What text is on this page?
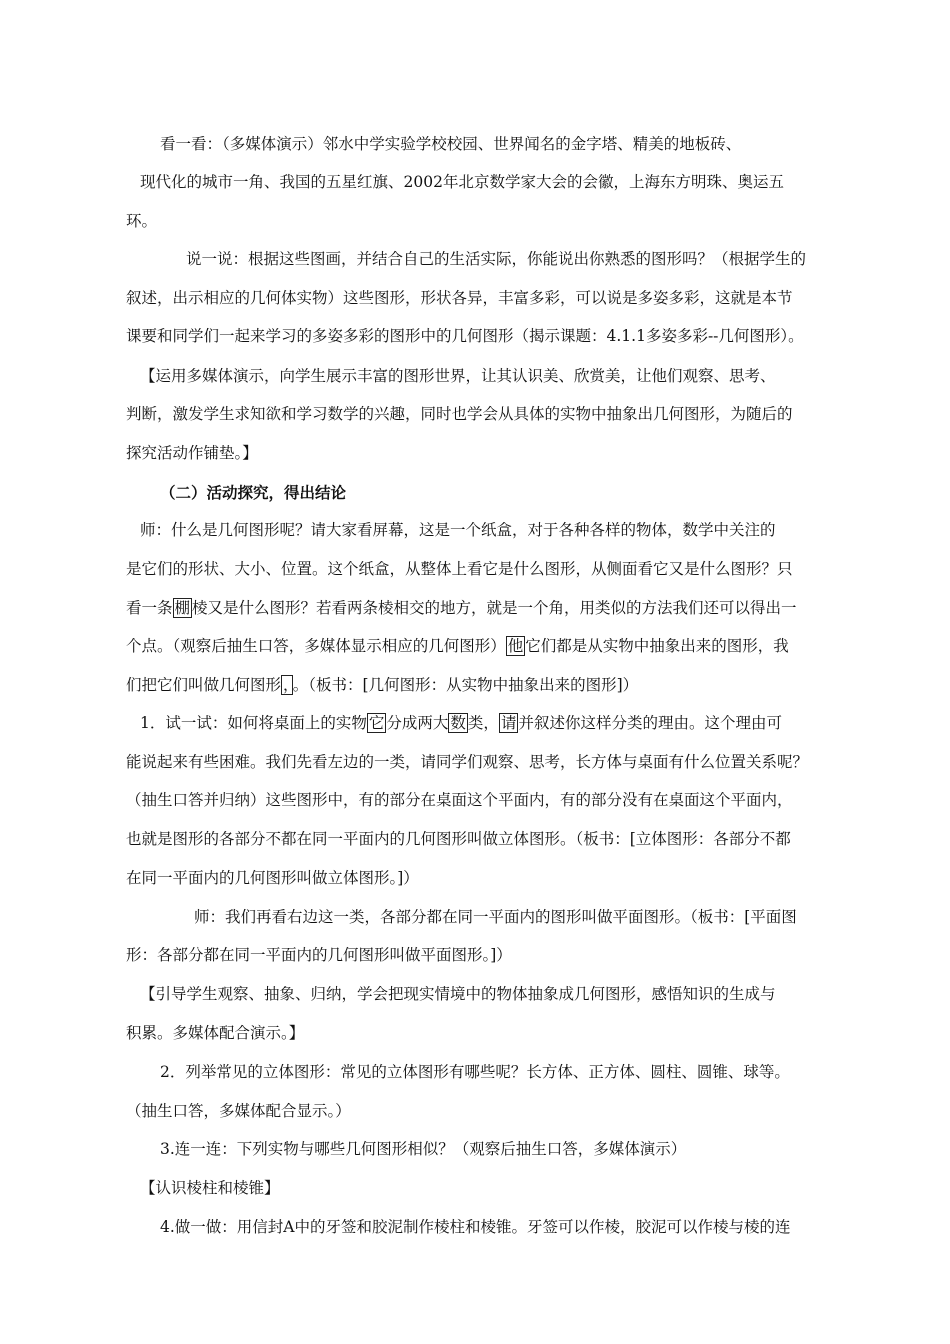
看一看：（多媒体演示）邻水中学实验学校校园、世界闻名的金字塔、精美的地板砖、
现代化的城市一角、我国的五星红旗、2002年北京数学家大会的会徽，上海东方明珠、奥运五
环。
说一说：根据这些图画，并结合自己的生活实际，你能说出你熟悉的图形吗？（根据学生的
叙述，出示相应的几何体实物）这些图形，形状各异，丰富多彩，可以说是多姿多彩，这就是本节
课要和同学们一起来学习的多姿多彩的图形中的几何图形（揭示课题：4.1.1多姿多彩--几何图形）。
【运用多媒体演示，向学生展示丰富的图形世界，让其认识美、欣赏美，让他们观察、思考、
判断，激发学生求知欲和学习数学的兴趣，同时也学会从具体的实物中抽象出几何图形，为随后的
探究活动作铺垫。】
（二）活动探究，得出结论
师：什么是几何图形呢？请大家看屏幕，这是一个纸盒，对于各种各样的物体，数学中关注的
是它们的形状、大小、位置。这个纸盒，从整体上看它是什么图形，从侧面看它又是什么图形？只
看一条 棚 棱又是什么图形？若看两条棱相交的地方，就是一个角，用类似的方法我们还可以得出一
个点。（观察后抽生口答，多媒体显示相应的几何图形） 他 它们都是从实物中抽象出来的图形，我
们把它们叫做几何图形 ， 。（板书：[几何图形：从实物中抽象出来的图形]）
1．试一试：如何将桌面上的实物 它 分成两大 数 类， 请 并叙述你这样分类的理由。这个理由可
能说起来有些困难。我们先看左边的一类，请同学们观察、思考，长方体与桌面有什么位置关系呢？
（抽生口答并归纳）这些图形中，有的部分在桌面这个平面内，有的部分没有在桌面这个平面内，
也就是图形的各部分不都在同一平面内的几何图形叫做立体图形。（板书：[立体图形：各部分不都
在同一平面内的几何图形叫做立体图形。]）
师：我们再看右边这一类，各部分都在同一平面内的图形叫做平面图形。（板书：[平面图
形：各部分都在同一平面内的几何图形叫做平面图形。]）
【引导学生观察、抽象、归纳，学会把现实情境中的物体抽象成几何图形，感悟知识的生成与
积累。多媒体配合演示。】
2．列举常见的立体图形：常见的立体图形有哪些呢？长方体、正方体、圆柱、圆锥、球等。
（抽生口答，多媒体配合显示。）
3.连一连：下列实物与哪些几何图形相似？（观察后抽生口答，多媒体演示）
【认识棱柱和棱锥】
4.做一做：用信封A中的牙签和胶泥制作棱柱和棱锥。牙签可以作棱，胶泥可以作棱与棱的连
